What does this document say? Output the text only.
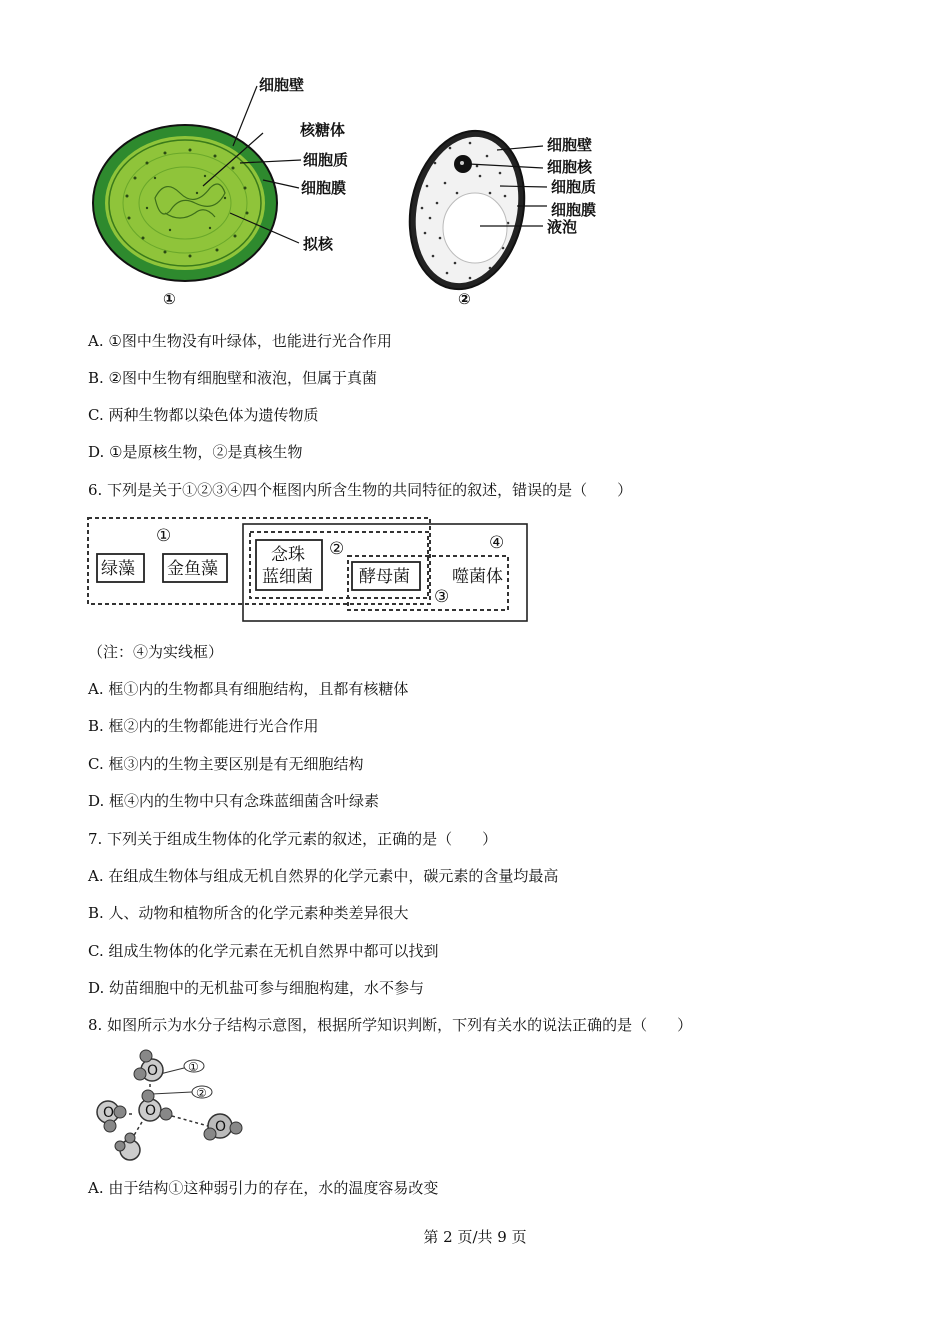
细胞壁
核糖体
细胞质
细胞膜
拟核
①
细胞壁
细胞核
细胞质
细胞膜
液泡
②
A. ①图中生物没有叶绿体，也能进行光合作用
B. ②图中生物有细胞壁和液泡，但属于真菌
C. 两种生物都以染色体为遗传物质
D. ①是原核生物，②是真核生物
6. 下列是关于①②③④四个框图内所含生物的共同特征的叙述，错误的是（　　）
绿藻 金鱼藻
念珠
蓝细菌	酵母菌 噬菌体
①
②
③
④
（注：④为实线框）
A. 框①内的生物都具有细胞结构，且都有核糖体
B. 框②内的生物都能进行光合作用
C. 框③内的生物主要区别是有无细胞结构
D. 框④内的生物中只有念珠蓝细菌含叶绿素
7. 下列关于组成生物体的化学元素的叙述，正确的是（　　）
A. 在组成生物体与组成无机自然界的化学元素中，碳元素的含量均最高
B. 人、动物和植物所含的化学元素种类差异很大
C. 组成生物体的化学元素在无机自然界中都可以找到
D. 幼苗细胞中的无机盐可参与细胞构建，水不参与
8. 如图所示为水分子结构示意图，根据所学知识判断，下列有关水的说法正确的是（　　）
O
O
O
O
①
②
A. 由于结构①这种弱引力的存在，水的温度容易改变
第 2 页/共 9 页
